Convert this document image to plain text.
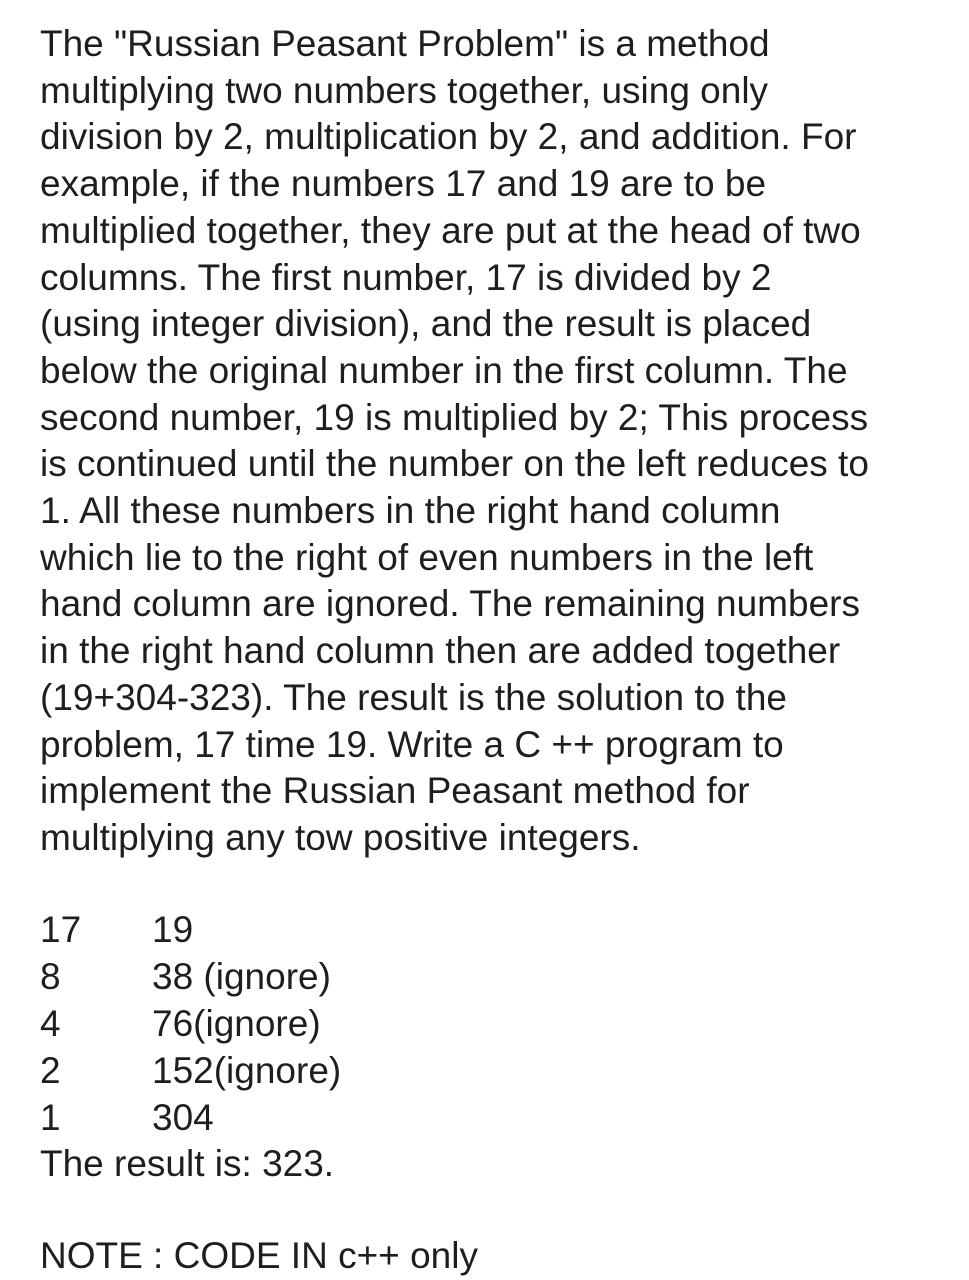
The "Russian Peasant Problem" is a method
multiplying two numbers together, using only
division by 2, multiplication by 2, and addition. For
example, if the numbers 17 and 19 are to be
multiplied together, they are put at the head of two
columns. The first number, 17 is divided by 2
(using integer division), and the result is placed
below the original number in the first column. The
second number, 19 is multiplied by 2; This process
is continued until the number on the left reduces to
1. All these numbers in the right hand column
which lie to the right of even numbers in the left
hand column are ignored. The remaining numbers
in the right hand column then are added together
(19+304-323). The result is the solution to the
problem, 17 time 19. Write a C ++ program to
implement the Russian Peasant method for
multiplying any tow positive integers.
17	19
8	38 (ignore)
4	76(ignore)
2	152(ignore)
1	304
The result is: 323.
NOTE : CODE IN c++ only
